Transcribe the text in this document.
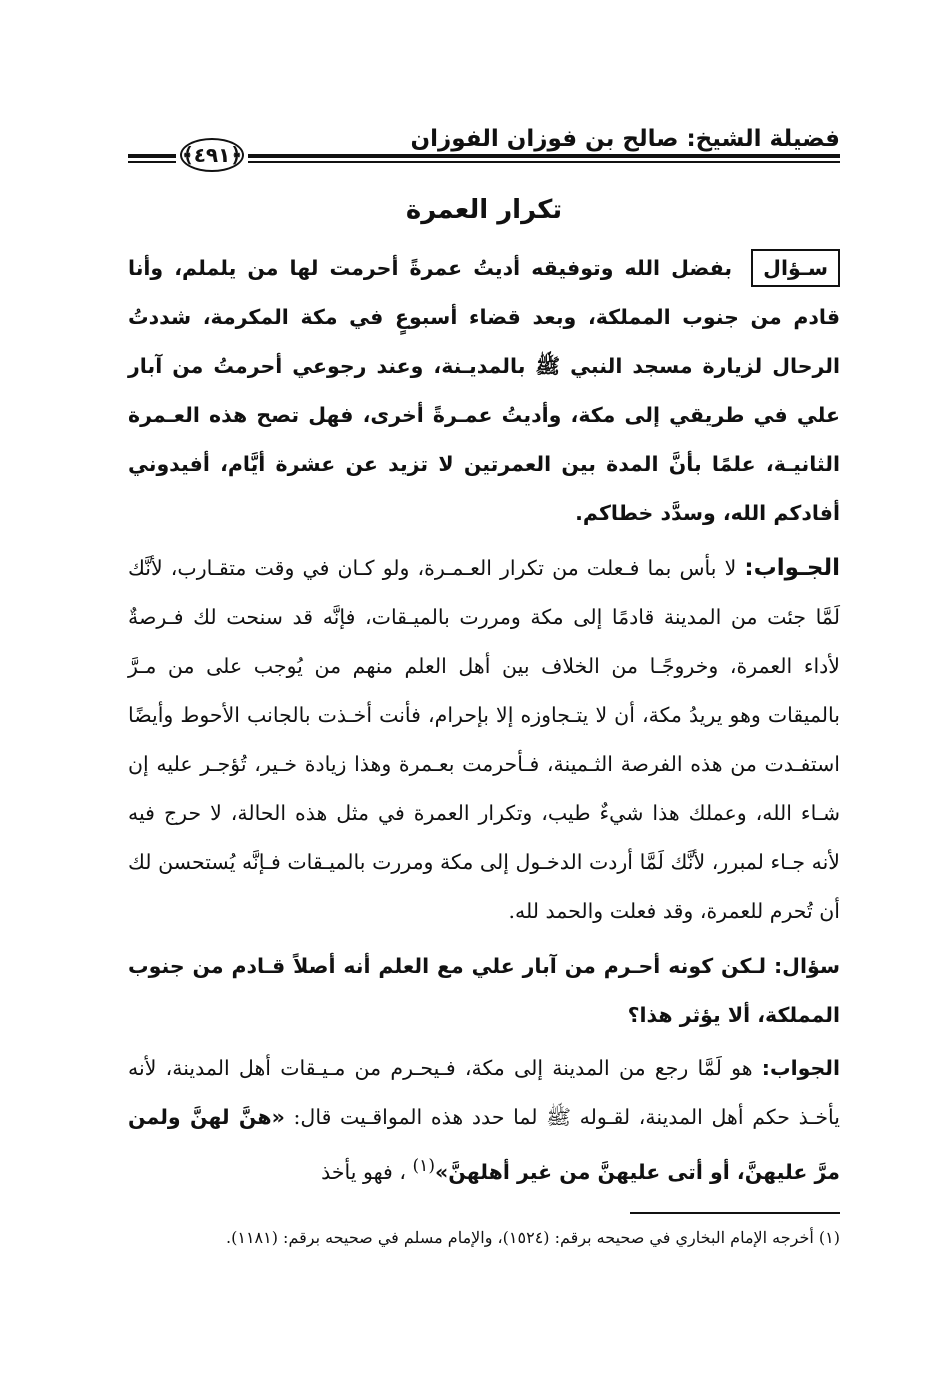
فضيلة الشيخ: صالح بن فوزان الفوزان
﴿٤٩١﴾
تكرار العمرة

سـؤال بفضل الله وتوفيقه أديتُ عمرةً أحرمت لها من يلملم، وأنا قادم من جنوب المملكة، وبعد قضاء أسبوعٍ في مكة المكرمة، شددتُ الرحال لزيارة مسجد النبي ﷺ بالمديـنة، وعند رجوعي أحرمتُ من آبار علي في طريقي إلى مكة، وأديتُ عمـرةً أخرى، فهل تصح هذه العـمرة الثانيـة، علمًا بأنَّ المدة بين العمرتين لا تزيد عن عشرة أيَّام، أفيدوني أفادكم الله، وسدَّد خطاكم.

الجـواب: لا بأس بما فـعلت من تكرار العـمـرة، ولو كـان في وقت متقـارب، لأنَّك لَمَّا جئت من المدينة قادمًا إلى مكة ومررت بالميـقات، فإنَّه قد سنحت لك فـرصةٌ لأداء العمرة، وخروجًـا من الخلاف بين أهل العلم منهم من يُوجب على من مـرَّ بالميقات وهو يريدُ مكة، أن لا يتـجاوزه إلا بإحرام، فأنت أخـذت بالجانب الأحوط وأيضًا استفـدت من هذه الفرصة الثـمينة، فـأحرمت بعـمرة وهذا زيادة خـير، تُؤجـر عليه إن شـاء الله، وعملك هذا شيءٌ طيب، وتكرار العمرة في مثل هذه الحالة، لا حرج فيه لأنه جـاء لمبرر، لأنَّك لَمَّا أردت الدخـول إلى مكة ومررت بالميـقات فـإنَّه يُستحسن لك أن تُحرم للعمرة، وقد فعلت والحمد لله.

سؤال: لـكن كونه أحـرم من آبار علي مع العلم أنه أصلاً قـادم من جنوب المملكة، ألا يؤثر هذا؟

الجواب: هو لَمَّا رجع من المدينة إلى مكة، فـيحـرم من مـيـقات أهل المدينة، لأنه يأخـذ حكم أهل المدينة، لقـوله ﷺ لما حدد هذه المواقـيت قال: «هنَّ لهنَّ ولمن مرَّ عليهنَّ، أو أتى عليهنَّ من غير أهلهنَّ»$^{(١)}$ ، فهو يأخذ

(١) أخرجه الإمام البخاري في صحيحه برقم: (١٥٢٤)، والإمام مسلم في صحيحه برقم: (١١٨١).
